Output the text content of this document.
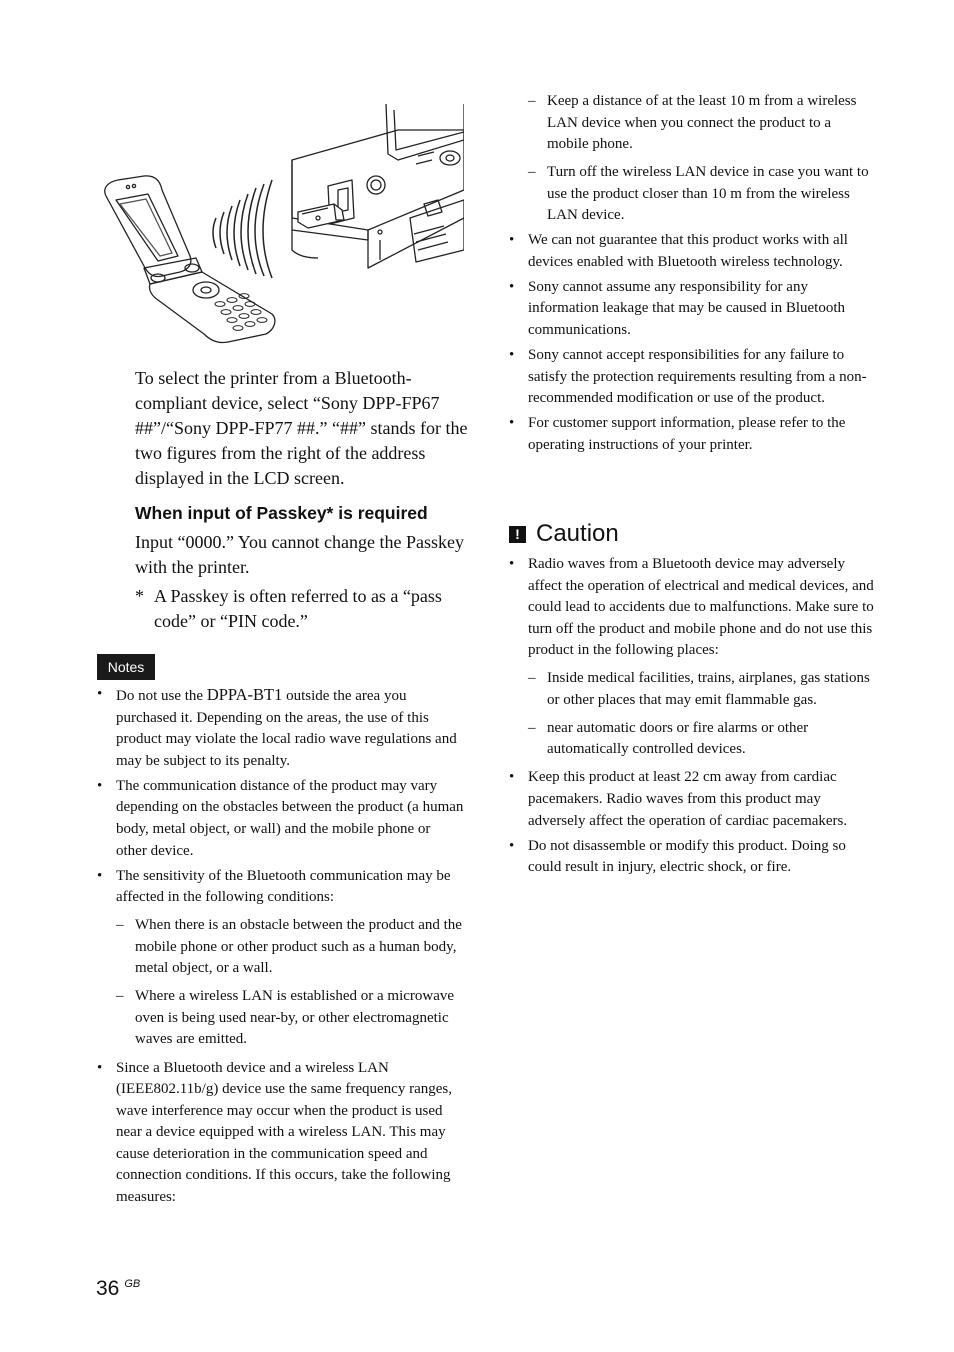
To select the printer from a Bluetooth-compliant device, select “Sony DPP-FP67 ##”/“Sony DPP-FP77 ##.” “##” stands for the two figures from the right of the address displayed in the LCD screen.
When input of Passkey* is required
Input “0000.” You cannot change the Passkey with the printer.
* A Passkey is often referred to as a “pass code” or “PIN code.”
Notes
• Do not use the DPPA-BT1 outside the area you purchased it. Depending on the areas, the use of this product may violate the local radio wave regulations and may be subject to its penalty.
• The communication distance of the product may vary depending on the obstacles between the product (a human body, metal object, or wall) and the mobile phone or other device.
• The sensitivity of the Bluetooth communication may be affected in the following conditions:
– When there is an obstacle between the product and the mobile phone or other product such as a human body, metal object, or a wall.
– Where a wireless LAN is established or a microwave oven is being used near-by, or other electromagnetic waves are emitted.
• Since a Bluetooth device and a wireless LAN (IEEE802.11b/g) device use the same frequency ranges, wave interference may occur when the product is used near a device equipped with a wireless LAN. This may cause deterioration in the communication speed and connection conditions. If this occurs, take the following measures:
– Keep a distance of at the least 10 m from a wireless LAN device when you connect the product to a mobile phone.
– Turn off the wireless LAN device in case you want to use the product closer than 10 m from the wireless LAN device.
• We can not guarantee that this product works with all devices enabled with Bluetooth wireless technology.
• Sony cannot assume any responsibility for any information leakage that may be caused in Bluetooth communications.
• Sony cannot accept responsibilities for any failure to satisfy the protection requirements resulting from a non-recommended modification or use of the product.
• For customer support information, please refer to the operating instructions of your printer.
! Caution
• Radio waves from a Bluetooth device may adversely affect the operation of electrical and medical devices, and could lead to accidents due to malfunctions. Make sure to turn off the product and mobile phone and do not use this product in the following places:
– Inside medical facilities, trains, airplanes, gas stations or other places that may emit flammable gas.
– near automatic doors or fire alarms or other automatically controlled devices.
• Keep this product at least 22 cm away from cardiac pacemakers. Radio waves from this product may adversely affect the operation of cardiac pacemakers.
• Do not disassemble or modify this product. Doing so could result in injury, electric shock, or fire.
36 $^{GB}$
